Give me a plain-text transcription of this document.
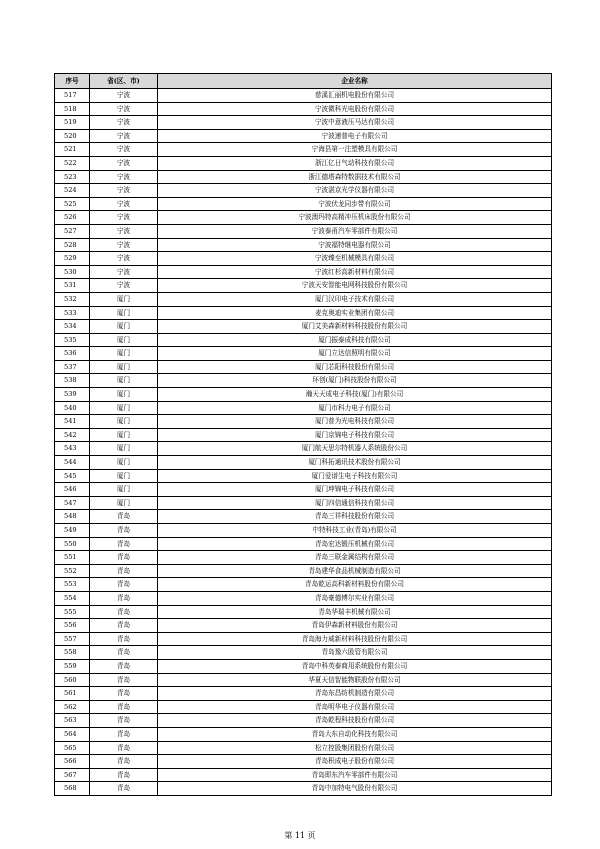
序号	省(区、市)	企业名称
517	宁波	慈溪汇丽机电股份有限公司
518	宁波	宁波微科光电股份有限公司
519	宁波	宁波中意液压马达有限公司
520	宁波	宁波速普电子有限公司
521	宁波	宁海县第一注塑模具有限公司
522	宁波	浙江亿日气动科技有限公司
523	宁波	浙江德塔森特数据技术有限公司
524	宁波	宁波湛京光学仪器有限公司
525	宁波	宁波伏龙同步带有限公司
526	宁波	宁波澳玛特高精冲压机床股份有限公司
527	宁波	宁波泰甬汽车零部件有限公司
528	宁波	宁波福特继电器有限公司
529	宁波	宁波臻至机械模具有限公司
530	宁波	宁波红杉高新材料有限公司
531	宁波	宁波天安智能电网科技股份有限公司
532	厦门	厦门汉印电子技术有限公司
533	厦门	麦克奥迪实业集团有限公司
534	厦门	厦门艾美森新材料科技股份有限公司
535	厦门	厦门振泰成科技有限公司
536	厦门	厦门立达信照明有限公司
537	厦门	厦门芯阳科技股份有限公司
538	厦门	环创(厦门)科技股份有限公司
539	厦门	瀚天天成电子科技(厦门)有限公司
540	厦门	厦门市科力电子有限公司
541	厦门	厦门普为光电科技有限公司
542	厦门	厦门京锦电子科技有限公司
543	厦门	厦门航天思尔特机器人系统股份公司
544	厦门	厦门科拓通讯技术股份有限公司
545	厦门	厦门爱谱生电子科技有限公司
546	厦门	厦门坤锦电子科技有限公司
547	厦门	厦门四信通信科技有限公司
548	青岛	青岛三祥科技股份有限公司
549	青岛	中特科技工业(青岛)有限公司
550	青岛	青岛宏达锻压机械有限公司
551	青岛	青岛三联金属结构有限公司
552	青岛	青岛建华食品机械制造有限公司
553	青岛	青岛乾运高科新材料股份有限公司
554	青岛	青岛豪德博尔实业有限公司
555	青岛	青岛华瑞丰机械有限公司
556	青岛	青岛伊森新材料股份有限公司
557	青岛	青岛海力威新材料科技股份有限公司
558	青岛	青岛豫六股管有限公司
559	青岛	青岛中科英泰商用系统股份有限公司
560	青岛	华夏天信智能物联股份有限公司
561	青岛	青岛东昌纺机制造有限公司
562	青岛	青岛明华电子仪器有限公司
563	青岛	青岛乾程科技股份有限公司
564	青岛	青岛大东自动化科技有限公司
565	青岛	松立控股集团股份有限公司
566	青岛	青岛积成电子股份有限公司
567	青岛	青岛即东汽车零部件有限公司
568	青岛	青岛中加特电气股份有限公司
第 11 页
